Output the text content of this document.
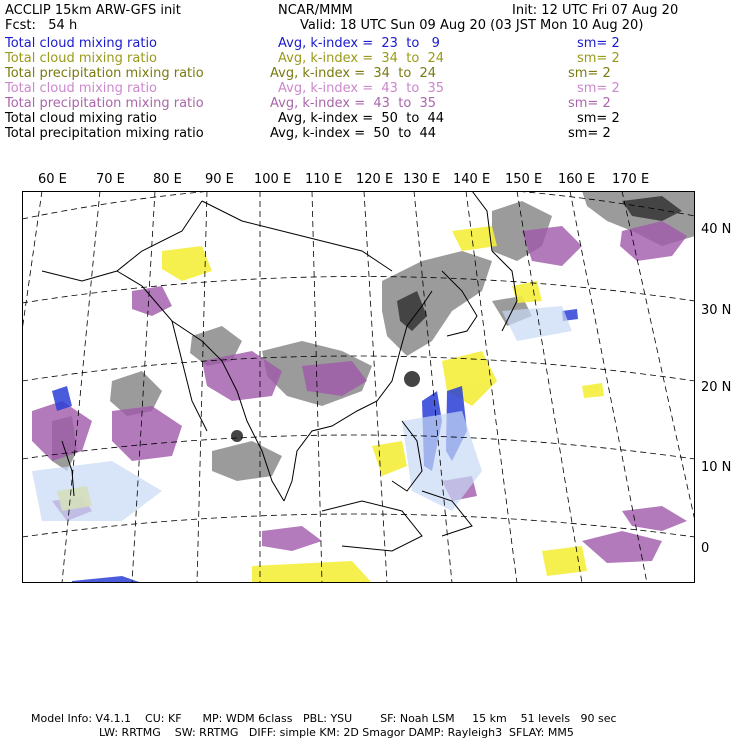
ACCLIP 15km ARW-GFS init	NCAR/MMM	Init: 12 UTC Fri 07 Aug 20
Fcst:   54 h	Valid: 18 UTC Sun 09 Aug 20 (03 JST Mon 10 Aug 20)
Total cloud mixing ratio	Avg, k-index =  23  to   9	sm= 2
Total cloud mixing ratio	Avg, k-index =  34  to  24	sm= 2
Total precipitation mixing ratio	Avg, k-index =  34  to  24	sm= 2
Total cloud mixing ratio	Avg, k-index =  43  to  35	sm= 2
Total precipitation mixing ratio	Avg, k-index =  43  to  35	sm= 2
Total cloud mixing ratio	Avg, k-index =  50  to  44	sm= 2
Total precipitation mixing ratio	Avg, k-index =  50  to  44	sm= 2
60 E 70 E 80 E 90 E 100 E 110 E 120 E 130 E 140 E 150 E 160 E 170 E
40 N
30 N
20 N
10 N
0
Model Info: V4.1.1    CU: KF      MP: WDM 6class   PBL: YSU        SF: Noah LSM     15 km    51 levels   90 sec
LW: RRTMG    SW: RRTMG   DIFF: simple KM: 2D Smagor DAMP: Rayleigh3  SFLAY: MM5
